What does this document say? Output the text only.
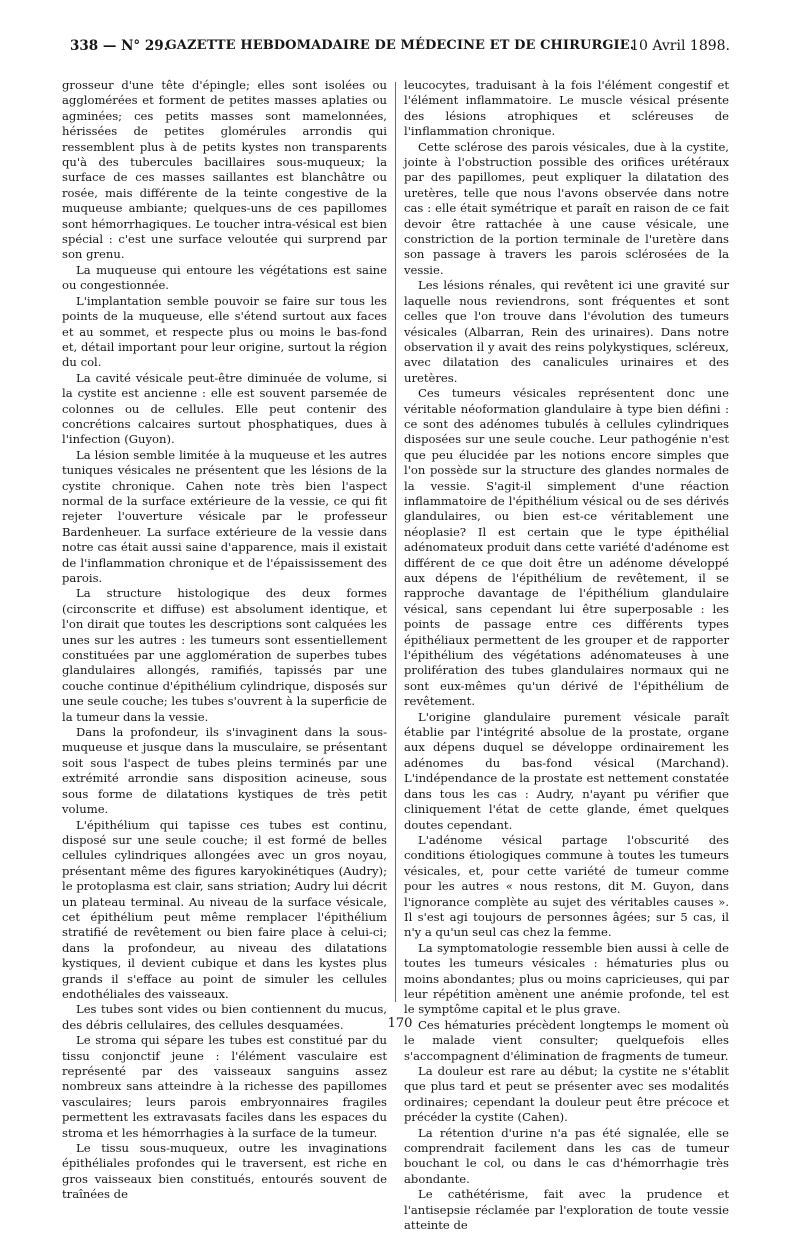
GAZETTE HEBDOMADAIRE DE MÉDECINE ET DE CHIRURGIE.
338 — N° 29.	10 Avril 1898.

grosseur d'une tête d'épingle; elles sont isolées ou agglomérées et forment de petites masses aplaties ou agminées; ces petits masses sont mamelonnées, hérissées de petites glomérules arrondis qui ressemblent plus à de petits kystes non transparents qu'à des tubercules bacillaires sous-muqueux; la surface de ces masses saillantes est blanchâtre ou rosée, mais différente de la teinte congestive de la muqueuse ambiante; quelques-uns de ces papillomes sont hémorrhagiques. Le toucher intra-vésical est bien spécial : c'est une surface veloutée qui surprend par son grenu.

La muqueuse qui entoure les végétations est saine ou congestionnée.

L'implantation semble pouvoir se faire sur tous les points de la muqueuse, elle s'étend surtout aux faces et au sommet, et respecte plus ou moins le bas-fond et, détail important pour leur origine, surtout la région du col.

La cavité vésicale peut-être diminuée de volume, si la cystite est ancienne : elle est souvent parsemée de colonnes ou de cellules. Elle peut contenir des concrétions calcaires surtout phosphatiques, dues à l'infection (Guyon).

La lésion semble limitée à la muqueuse et les autres tuniques vésicales ne présentent que les lésions de la cystite chronique. Cahen note très bien l'aspect normal de la surface extérieure de la vessie, ce qui fit rejeter l'ouverture vésicale par le professeur Bardenheuer. La surface extérieure de la vessie dans notre cas était aussi saine d'apparence, mais il existait de l'inflammation chronique et de l'épaississement des parois.

La structure histologique des deux formes (circonscrite et diffuse) est absolument identique, et l'on dirait que toutes les descriptions sont calquées les unes sur les autres : les tumeurs sont essentiellement constituées par une agglomération de superbes tubes glandulaires allongés, ramifiés, tapissés par une couche continue d'épithélium cylindrique, disposés sur une seule couche; les tubes s'ouvrent à la superficie de la tumeur dans la vessie.

Dans la profondeur, ils s'invaginent dans la sous-muqueuse et jusque dans la musculaire, se présentant soit sous l'aspect de tubes pleins terminés par une extrémité arrondie sans disposition acineuse, sous sous forme de dilatations kystiques de très petit volume.

L'épithélium qui tapisse ces tubes est continu, disposé sur une seule couche; il est formé de belles cellules cylindriques allongées avec un gros noyau, présentant même des figures karyokinétiques (Audry); le protoplasma est clair, sans striation; Audry lui décrit un plateau terminal. Au niveau de la surface vésicale, cet épithélium peut même remplacer l'épithélium stratifié de revêtement ou bien faire place à celui-ci; dans la profondeur, au niveau des dilatations kystiques, il devient cubique et dans les kystes plus grands il s'efface au point de simuler les cellules endothéliales des vaisseaux.

Les tubes sont vides ou bien contiennent du mucus, des débris cellulaires, des cellules desquamées.

Le stroma qui sépare les tubes est constitué par du tissu conjonctif jeune : l'élément vasculaire est représenté par des vaisseaux sanguins assez nombreux sans atteindre à la richesse des papillomes vasculaires; leurs parois embryonnaires fragiles permettent les extravasats faciles dans les espaces du stroma et les hémorrhagies à la surface de la tumeur.

Le tissu sous-muqueux, outre les invaginations épithéliales profondes qui le traversent, est riche en gros vaisseaux bien constitués, entourés souvent de traînées de

leucocytes, traduisant à la fois l'élément congestif et l'élément inflammatoire. Le muscle vésical présente des lésions atrophiques et scléreuses de l'inflammation chronique.

Cette sclérose des parois vésicales, due à la cystite, jointe à l'obstruction possible des orifices urétéraux par des papillomes, peut expliquer la dilatation des uretères, telle que nous l'avons observée dans notre cas : elle était symétrique et paraît en raison de ce fait devoir être rattachée à une cause vésicale, une constriction de la portion terminale de l'uretère dans son passage à travers les parois sclérosées de la vessie.

Les lésions rénales, qui revêtent ici une gravité sur laquelle nous reviendrons, sont fréquentes et sont celles que l'on trouve dans l'évolution des tumeurs vésicales (Albarran, Rein des urinaires). Dans notre observation il y avait des reins polykystiques, scléreux, avec dilatation des canalicules urinaires et des uretères.

Ces tumeurs vésicales représentent donc une véritable néoformation glandulaire à type bien défini : ce sont des adénomes tubulés à cellules cylindriques disposées sur une seule couche. Leur pathogénie n'est que peu élucidée par les notions encore simples que l'on possède sur la structure des glandes normales de la vessie. S'agit-il simplement d'une réaction inflammatoire de l'épithélium vésical ou de ses dérivés glandulaires, ou bien est-ce véritablement une néoplasie? Il est certain que le type épithélial adénomateux produit dans cette variété d'adénome est différent de ce que doit être un adénome développé aux dépens de l'épithélium de revêtement, il se rapproche davantage de l'épithélium glandulaire vésical, sans cependant lui être superposable : les points de passage entre ces différents types épithéliaux permettent de les grouper et de rapporter l'épithélium des végétations adénomateuses à une prolifération des tubes glandulaires normaux qui ne sont eux-mêmes qu'un dérivé de l'épithélium de revêtement.

L'origine glandulaire purement vésicale paraît établie par l'intégrité absolue de la prostate, organe aux dépens duquel se développe ordinairement les adénomes du bas-fond vésical (Marchand). L'indépendance de la prostate est nettement constatée dans tous les cas : Audry, n'ayant pu vérifier que cliniquement l'état de cette glande, émet quelques doutes cependant.

L'adénome vésical partage l'obscurité des conditions étiologiques commune à toutes les tumeurs vésicales, et, pour cette variété de tumeur comme pour les autres « nous restons, dit M. Guyon, dans l'ignorance complète au sujet des véritables causes ». Il s'est agi toujours de personnes âgées; sur 5 cas, il n'y a qu'un seul cas chez la femme.

La symptomatologie ressemble bien aussi à celle de toutes les tumeurs vésicales : hématuries plus ou moins abondantes; plus ou moins capricieuses, qui par leur répétition amènent une anémie profonde, tel est le symptôme capital et le plus grave.

Ces hématuries précèdent longtemps le moment où le malade vient consulter; quelquefois elles s'accompagnent d'élimination de fragments de tumeur.

La douleur est rare au début; la cystite ne s'établit que plus tard et peut se présenter avec ses modalités ordinaires; cependant la douleur peut être précoce et précéder la cystite (Cahen).

La rétention d'urine n'a pas été signalée, elle se comprendrait facilement dans les cas de tumeur bouchant le col, ou dans le cas d'hémorrhagie très abondante.

Le cathétérisme, fait avec la prudence et l'antisepsie réclamée par l'exploration de toute vessie atteinte de

170
